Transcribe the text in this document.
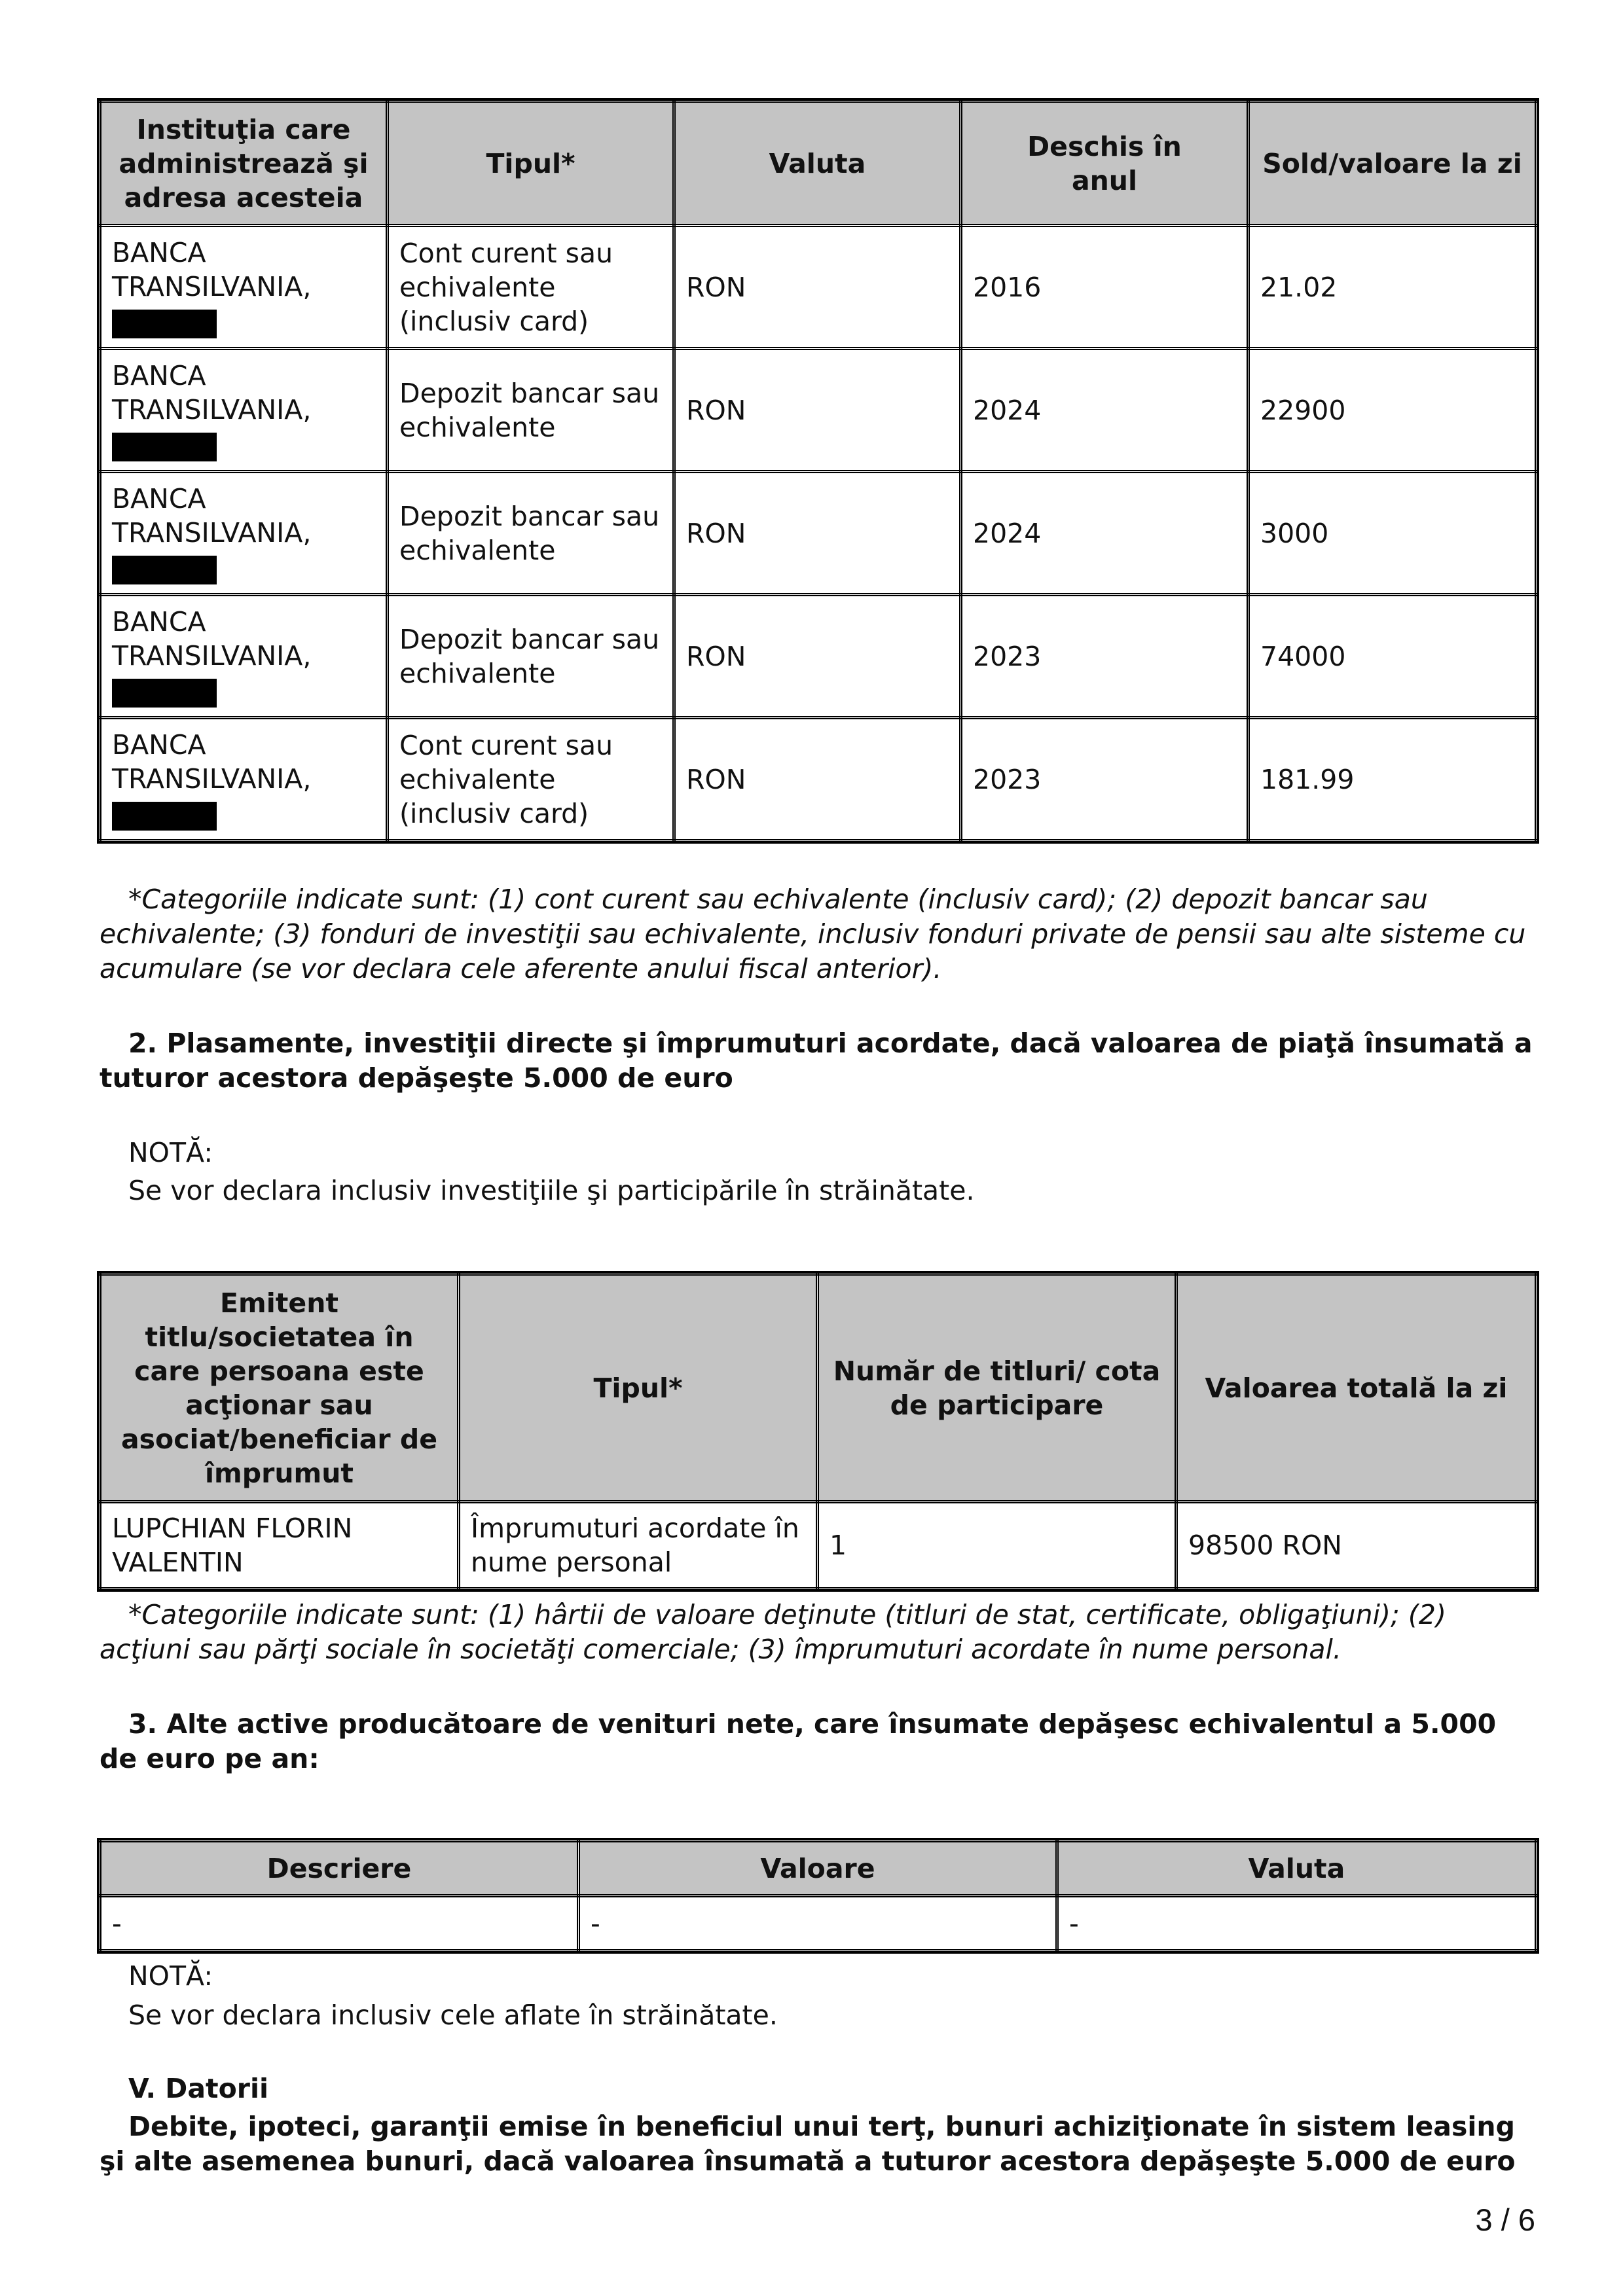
Instituţia care administrează şi adresa acesteia	Tipul*	Valuta	Deschis în anul	Sold/valoare la zi
BANCA TRANSILVANIA,	Cont curent sau echivalente (inclusiv card)	RON	2016	21.02
BANCA TRANSILVANIA,	Depozit bancar sau echivalente	RON	2024	22900
BANCA TRANSILVANIA,	Depozit bancar sau echivalente	RON	2024	3000
BANCA TRANSILVANIA,	Depozit bancar sau echivalente	RON	2023	74000
BANCA TRANSILVANIA,	Cont curent sau echivalente (inclusiv card)	RON	2023	181.99
*Categoriile indicate sunt: (1) cont curent sau echivalente (inclusiv card); (2) depozit bancar sau echivalente; (3) fonduri de investiţii sau echivalente, inclusiv fonduri private de pensii sau alte sisteme cu acumulare (se vor declara cele aferente anului fiscal anterior).
2. Plasamente, investiţii directe şi împrumuturi acordate, dacă valoarea de piaţă însumată a tuturor acestora depăşeşte 5.000 de euro
NOTĂ:
Se vor declara inclusiv investiţiile şi participările în străinătate.
Emitent titlu/societatea în care persoana este acţionar sau asociat/beneficiar de împrumut	Tipul*	Număr de titluri/ cota de participare	Valoarea totală la zi
LUPCHIAN FLORIN VALENTIN	Împrumuturi acordate în nume personal	1	98500 RON
*Categoriile indicate sunt: (1) hârtii de valoare deţinute (titluri de stat, certificate, obligaţiuni); (2) acţiuni sau părţi sociale în societăţi comerciale; (3) împrumuturi acordate în nume personal.
3. Alte active producătoare de venituri nete, care însumate depăşesc echivalentul a 5.000 de euro pe an:
Descriere	Valoare	Valuta
-	-	-
NOTĂ:
Se vor declara inclusiv cele aflate în străinătate.
V. Datorii
Debite, ipoteci, garanţii emise în beneficiul unui terţ, bunuri achiziţionate în sistem leasing şi alte asemenea bunuri, dacă valoarea însumată a tuturor acestora depăşeşte 5.000 de euro
3 / 6
